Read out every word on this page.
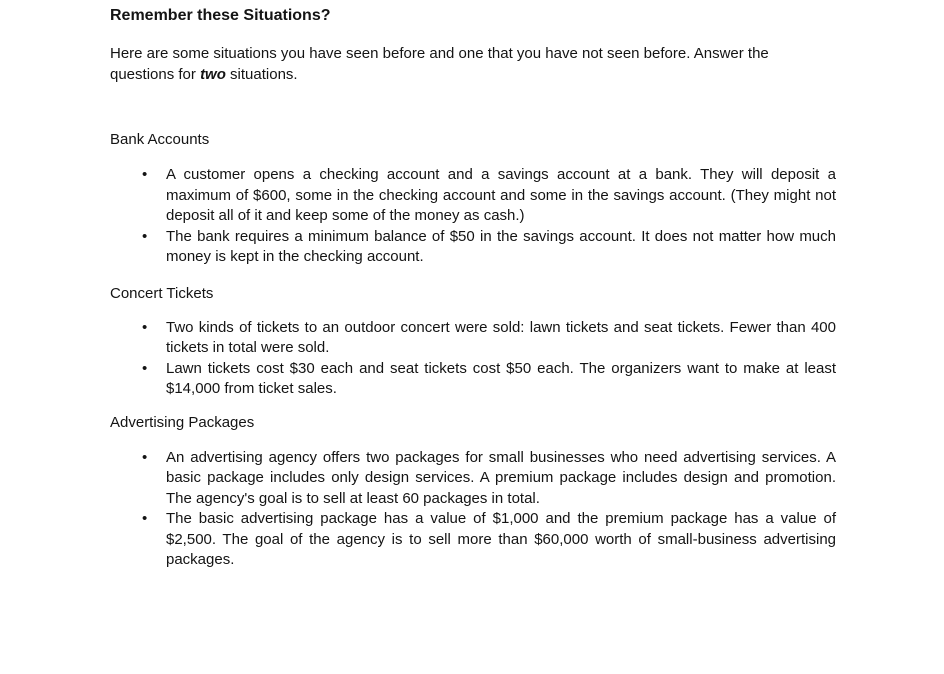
Remember these Situations?

Here are some situations you have seen before and one that you have not seen before. Answer the questions for two situations.

Bank Accounts

• A customer opens a checking account and a savings account at a bank. They will deposit a maximum of $600, some in the checking account and some in the savings account. (They might not deposit all of it and keep some of the money as cash.)
• The bank requires a minimum balance of $50 in the savings account. It does not matter how much money is kept in the checking account.

Concert Tickets

• Two kinds of tickets to an outdoor concert were sold: lawn tickets and seat tickets. Fewer than 400 tickets in total were sold.
• Lawn tickets cost $30 each and seat tickets cost $50 each. The organizers want to make at least $14,000 from ticket sales.

Advertising Packages

• An advertising agency offers two packages for small businesses who need advertising services. A basic package includes only design services. A premium package includes design and promotion. The agency's goal is to sell at least 60 packages in total.
• The basic advertising package has a value of $1,000 and the premium package has a value of $2,500. The goal of the agency is to sell more than $60,000 worth of small-business advertising packages.
